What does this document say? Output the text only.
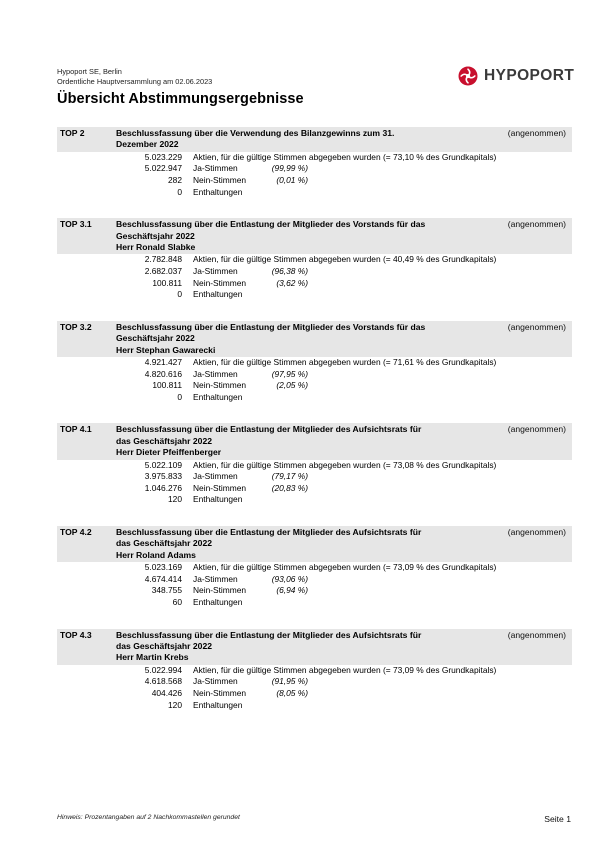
Hypoport SE, Berlin
Ordentliche Hauptversammlung am 02.06.2023	HYPOPORT
Übersicht Abstimmungsergebnisse
TOP 2	Beschlussfassung über die Verwendung des Bilanzgewinns zum 31.
Dezember 2022
(angenommen)
5.023.229	Aktien, für die gültige Stimmen abgegeben wurden (= 73,10 % des Grundkapitals)
5.022.947	Ja-Stimmen	(99,99 %)
282	Nein-Stimmen	(0,01 %)
0	Enthaltungen
TOP 3.1	Beschlussfassung über die Entlastung der Mitglieder des Vorstands für das
Geschäftsjahr 2022
Herr Ronald Slabke
(angenommen)
2.782.848	Aktien, für die gültige Stimmen abgegeben wurden (= 40,49 % des Grundkapitals)
2.682.037	Ja-Stimmen	(96,38 %)
100.811	Nein-Stimmen	(3,62 %)
0	Enthaltungen
TOP 3.2	Beschlussfassung über die Entlastung der Mitglieder des Vorstands für das
Geschäftsjahr 2022
Herr Stephan Gawarecki
(angenommen)
4.921.427	Aktien, für die gültige Stimmen abgegeben wurden (= 71,61 % des Grundkapitals)
4.820.616	Ja-Stimmen	(97,95 %)
100.811	Nein-Stimmen	(2,05 %)
0	Enthaltungen
TOP 4.1	Beschlussfassung über die Entlastung der Mitglieder des Aufsichtsrats für
das Geschäftsjahr 2022
Herr Dieter Pfeiffenberger
(angenommen)
5.022.109	Aktien, für die gültige Stimmen abgegeben wurden (= 73,08 % des Grundkapitals)
3.975.833	Ja-Stimmen	(79,17 %)
1.046.276	Nein-Stimmen	(20,83 %)
120	Enthaltungen
TOP 4.2	Beschlussfassung über die Entlastung der Mitglieder des Aufsichtsrats für
das Geschäftsjahr 2022
Herr Roland Adams
(angenommen)
5.023.169	Aktien, für die gültige Stimmen abgegeben wurden (= 73,09 % des Grundkapitals)
4.674.414	Ja-Stimmen	(93,06 %)
348.755	Nein-Stimmen	(6,94 %)
60	Enthaltungen
TOP 4.3	Beschlussfassung über die Entlastung der Mitglieder des Aufsichtsrats für
das Geschäftsjahr 2022
Herr Martin Krebs
(angenommen)
5.022.994	Aktien, für die gültige Stimmen abgegeben wurden (= 73,09 % des Grundkapitals)
4.618.568	Ja-Stimmen	(91,95 %)
404.426	Nein-Stimmen	(8,05 %)
120	Enthaltungen
Hinweis: Prozentangaben auf 2 Nachkommastellen gerundet	Seite 1
